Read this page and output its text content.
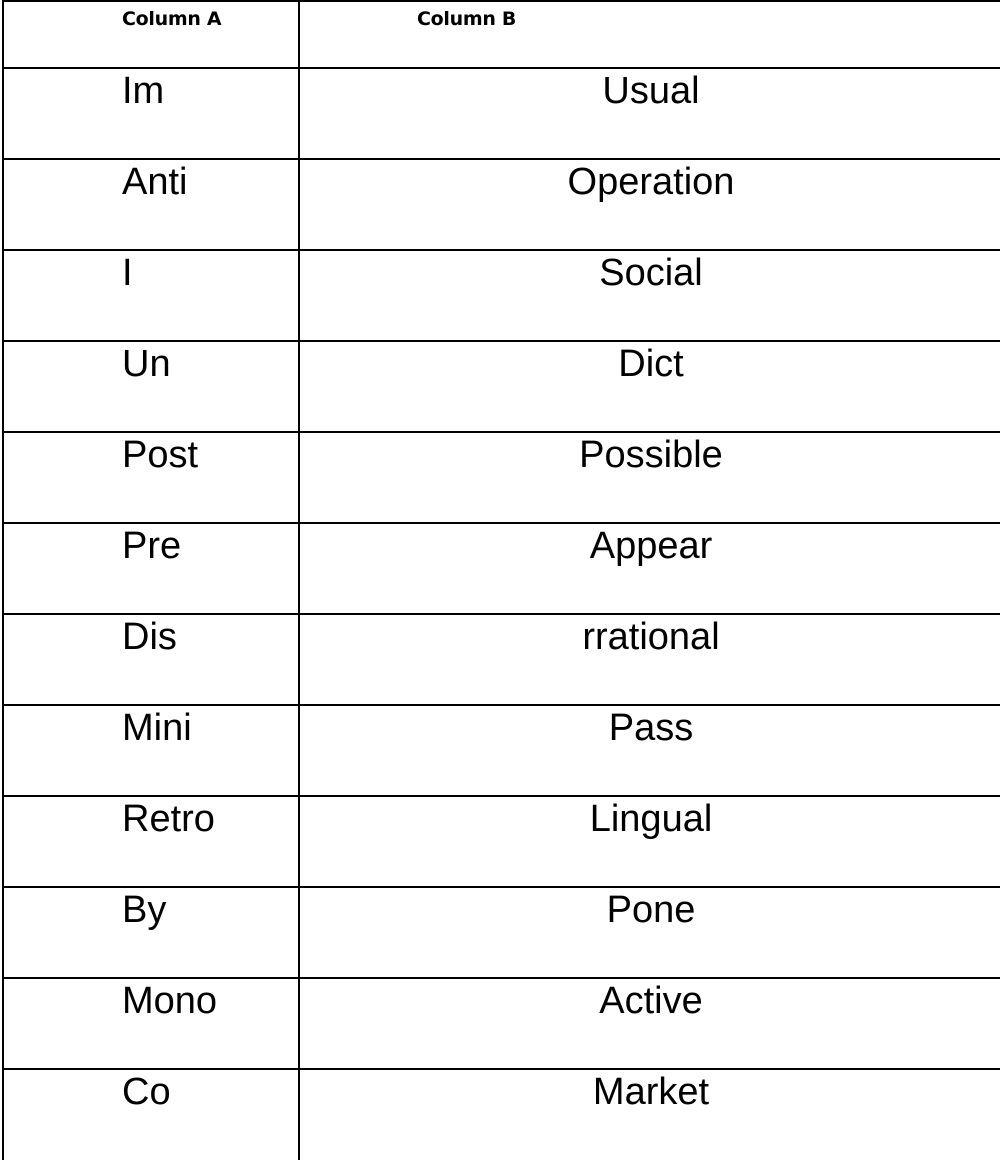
Column A	Column B

Im	Usual

Anti	Operation

I	Social

Un	Dict

Post	Possible

Pre	Appear

Dis	rrational

Mini	Pass

Retro	Lingual

By	Pone

Mono	Active

Co	Market
